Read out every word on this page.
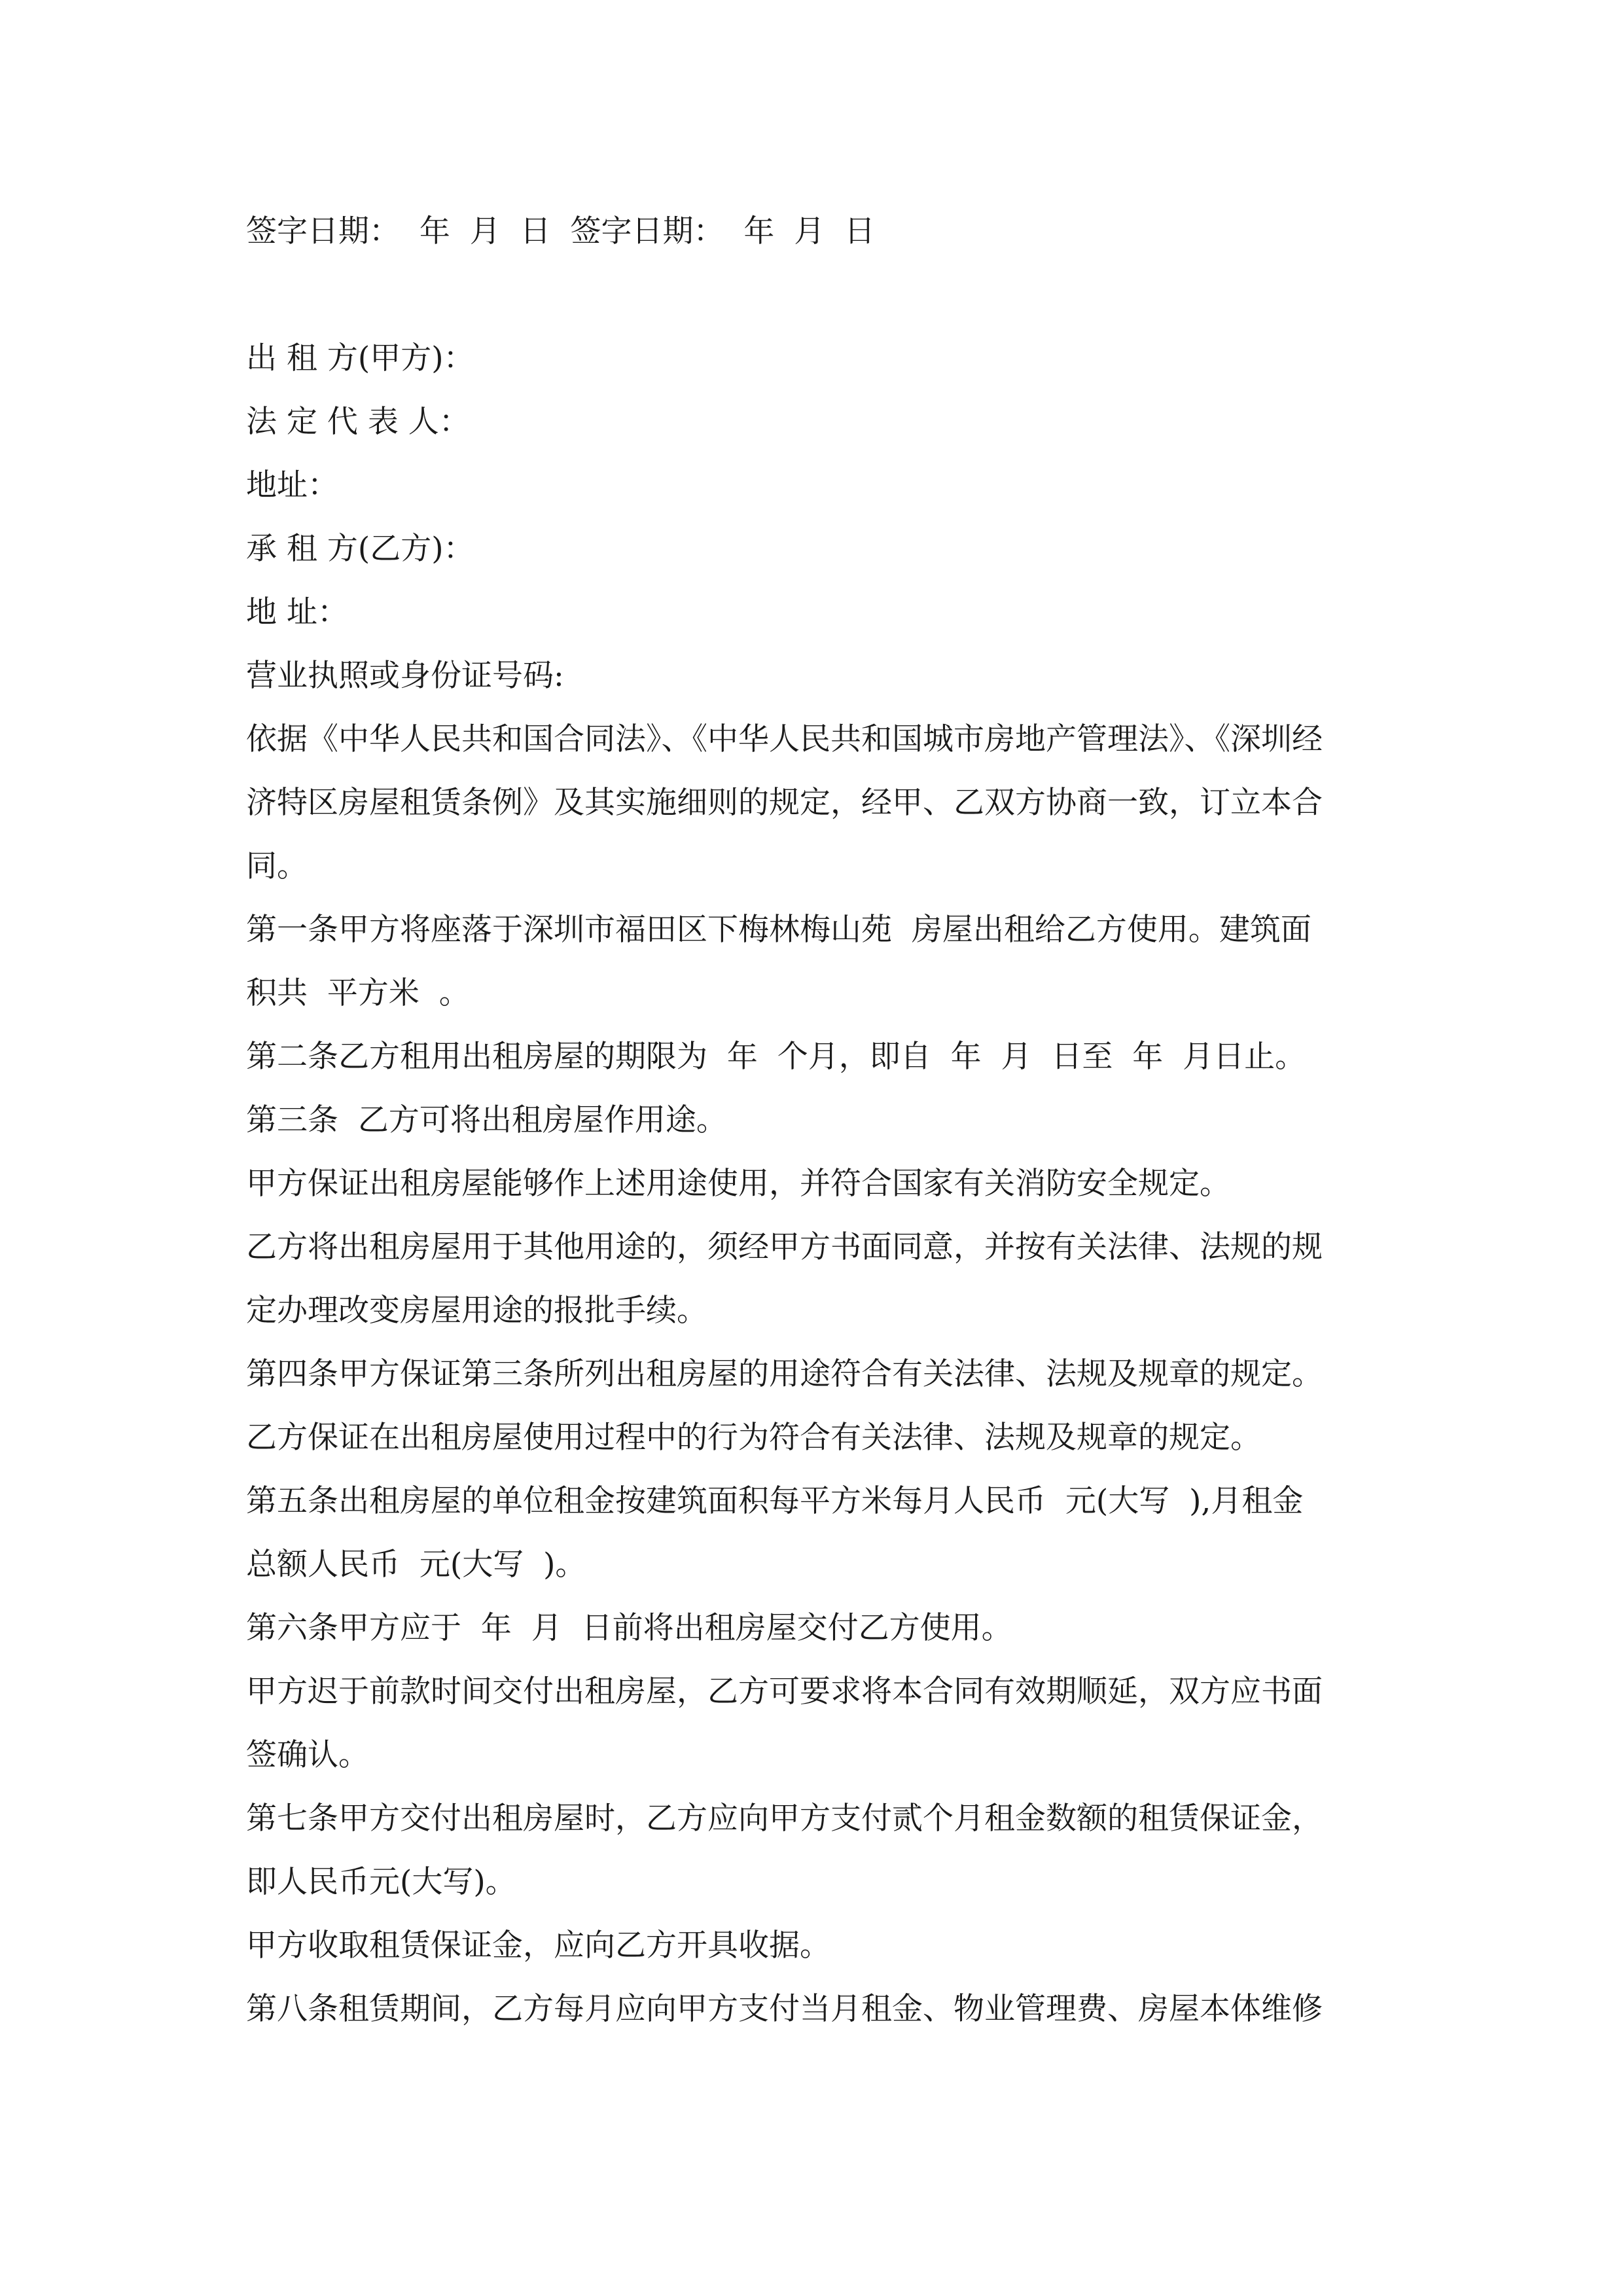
签字日期：  年  月  日  签字日期：  年  月  日
出 租 方(甲方)：
法 定 代 表 人：
地址：
承 租 方(乙方)：
地 址：
营业执照或身份证号码:
依据《中华人民共和国合同法》、《中华人民共和国城市房地产管理法》、《深圳经
济特区房屋租赁条例》及其实施细则的规定，经甲、乙双方协商一致，订立本合
同。
第一条甲方将座落于深圳市福田区下梅林梅山苑  房屋出租给乙方使用。建筑面
积共  平方米  。
第二条乙方租用出租房屋的期限为  年  个月，即自  年  月  日至  年  月日止。
第三条  乙方可将出租房屋作用途。
甲方保证出租房屋能够作上述用途使用，并符合国家有关消防安全规定。
乙方将出租房屋用于其他用途的，须经甲方书面同意，并按有关法律、法规的规
定办理改变房屋用途的报批手续。
第四条甲方保证第三条所列出租房屋的用途符合有关法律、法规及规章的规定。
乙方保证在出租房屋使用过程中的行为符合有关法律、法规及规章的规定。
第五条出租房屋的单位租金按建筑面积每平方米每月人民币  元(大写  ),月租金
总额人民币  元(大写  )。
第六条甲方应于  年  月  日前将出租房屋交付乙方使用。
甲方迟于前款时间交付出租房屋，乙方可要求将本合同有效期顺延，双方应书面
签确认。
第七条甲方交付出租房屋时，乙方应向甲方支付贰个月租金数额的租赁保证金，
即人民币元(大写)。
甲方收取租赁保证金，应向乙方开具收据。
第八条租赁期间，乙方每月应向甲方支付当月租金、物业管理费、房屋本体维修
